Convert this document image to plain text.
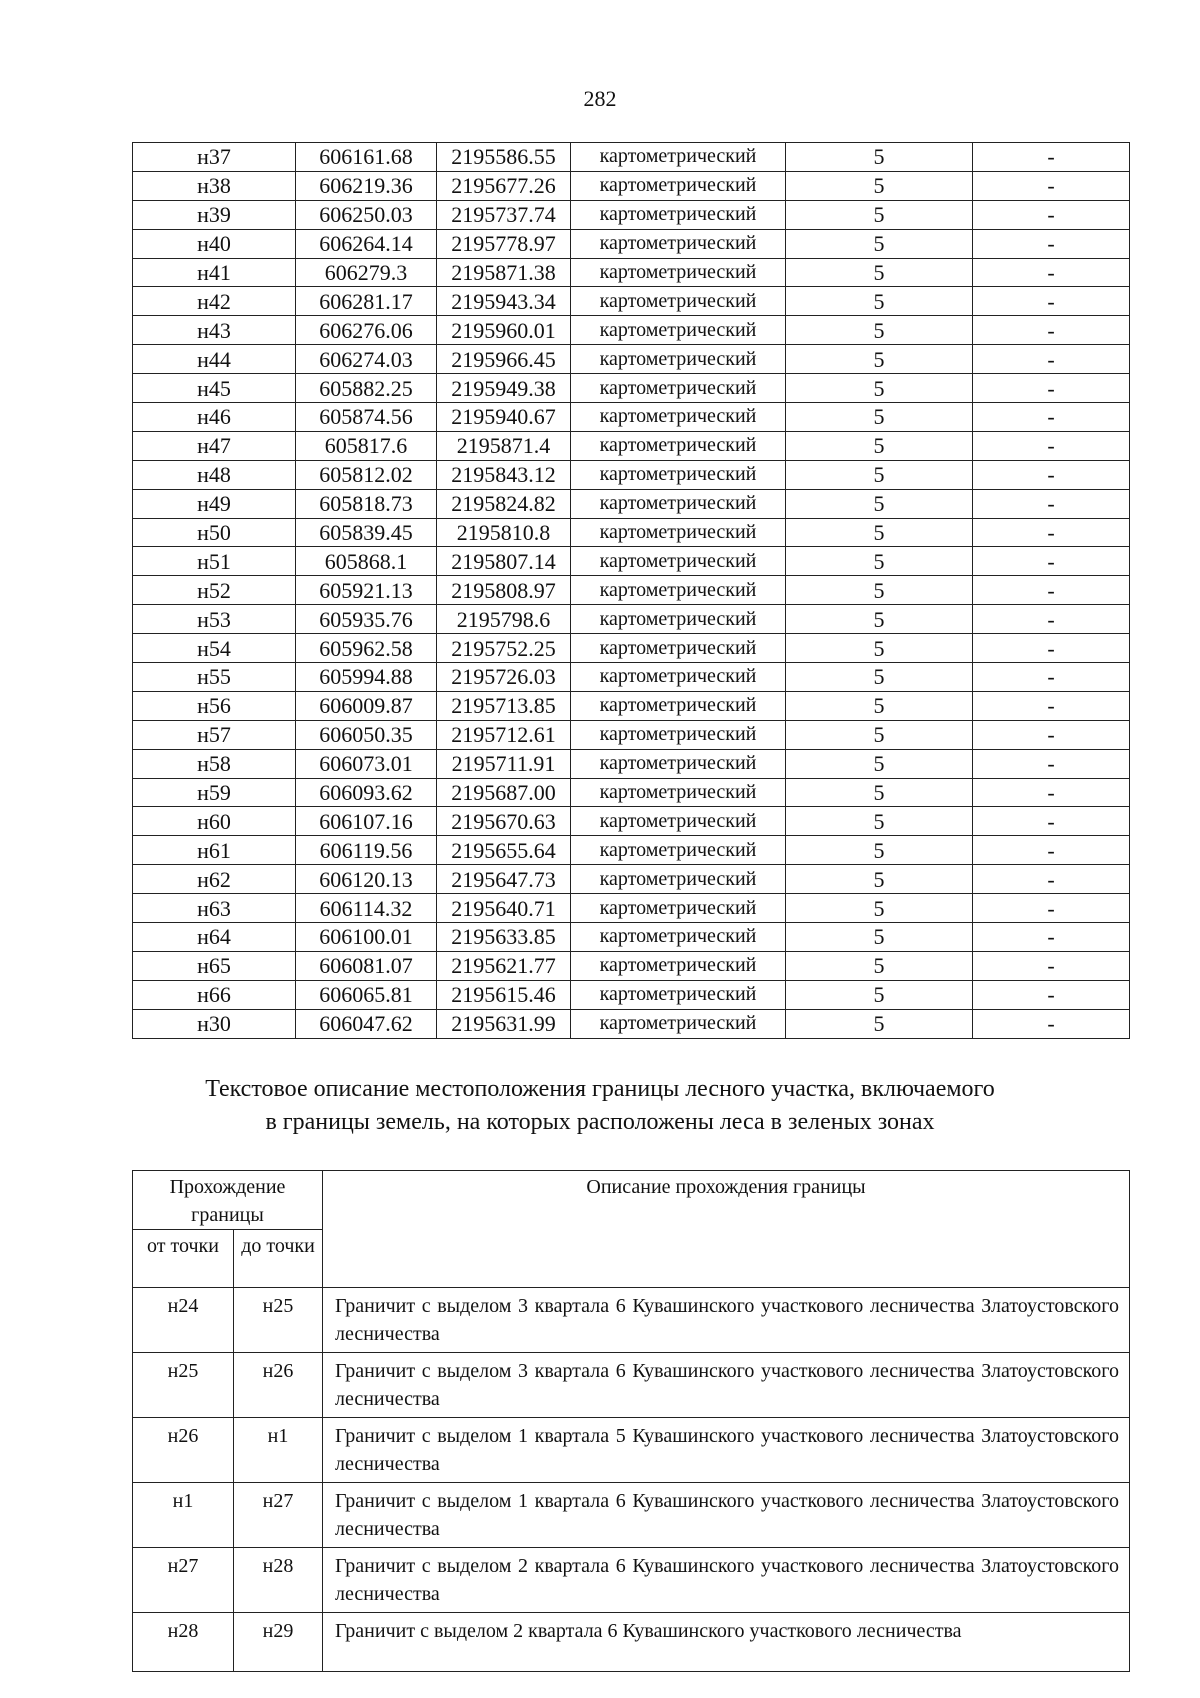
282
н37	606161.68	2195586.55	картометрический	5	-
н38	606219.36	2195677.26	картометрический	5	-
н39	606250.03	2195737.74	картометрический	5	-
н40	606264.14	2195778.97	картометрический	5	-
н41	606279.3	2195871.38	картометрический	5	-
н42	606281.17	2195943.34	картометрический	5	-
н43	606276.06	2195960.01	картометрический	5	-
н44	606274.03	2195966.45	картометрический	5	-
н45	605882.25	2195949.38	картометрический	5	-
н46	605874.56	2195940.67	картометрический	5	-
н47	605817.6	2195871.4	картометрический	5	-
н48	605812.02	2195843.12	картометрический	5	-
н49	605818.73	2195824.82	картометрический	5	-
н50	605839.45	2195810.8	картометрический	5	-
н51	605868.1	2195807.14	картометрический	5	-
н52	605921.13	2195808.97	картометрический	5	-
н53	605935.76	2195798.6	картометрический	5	-
н54	605962.58	2195752.25	картометрический	5	-
н55	605994.88	2195726.03	картометрический	5	-
н56	606009.87	2195713.85	картометрический	5	-
н57	606050.35	2195712.61	картометрический	5	-
н58	606073.01	2195711.91	картометрический	5	-
н59	606093.62	2195687.00	картометрический	5	-
н60	606107.16	2195670.63	картометрический	5	-
н61	606119.56	2195655.64	картометрический	5	-
н62	606120.13	2195647.73	картометрический	5	-
н63	606114.32	2195640.71	картометрический	5	-
н64	606100.01	2195633.85	картометрический	5	-
н65	606081.07	2195621.77	картометрический	5	-
н66	606065.81	2195615.46	картометрический	5	-
н30	606047.62	2195631.99	картометрический	5	-
Текстовое описание местоположения границы лесного участка, включаемого
в границы земель, на которых расположены леса в зеленых зонах
Прохождение границы		Описание прохождения границы
от точки	до точки	
н24	н25	Граничит с выделом 3 квартала 6 Кувашинского участкового лесничества Златоустовского лесничества
н25	н26	Граничит с выделом 3 квартала 6 Кувашинского участкового лесничества Златоустовского лесничества
н26	н1	Граничит с выделом 1 квартала 5 Кувашинского участкового лесничества Златоустовского лесничества
н1	н27	Граничит с выделом 1 квартала 6 Кувашинского участкового лесничества Златоустовского лесничества
н27	н28	Граничит с выделом 2 квартала 6 Кувашинского участкового лесничества Златоустовского лесничества
н28	н29	Граничит с выделом 2 квартала 6 Кувашинского участкового лесничества
